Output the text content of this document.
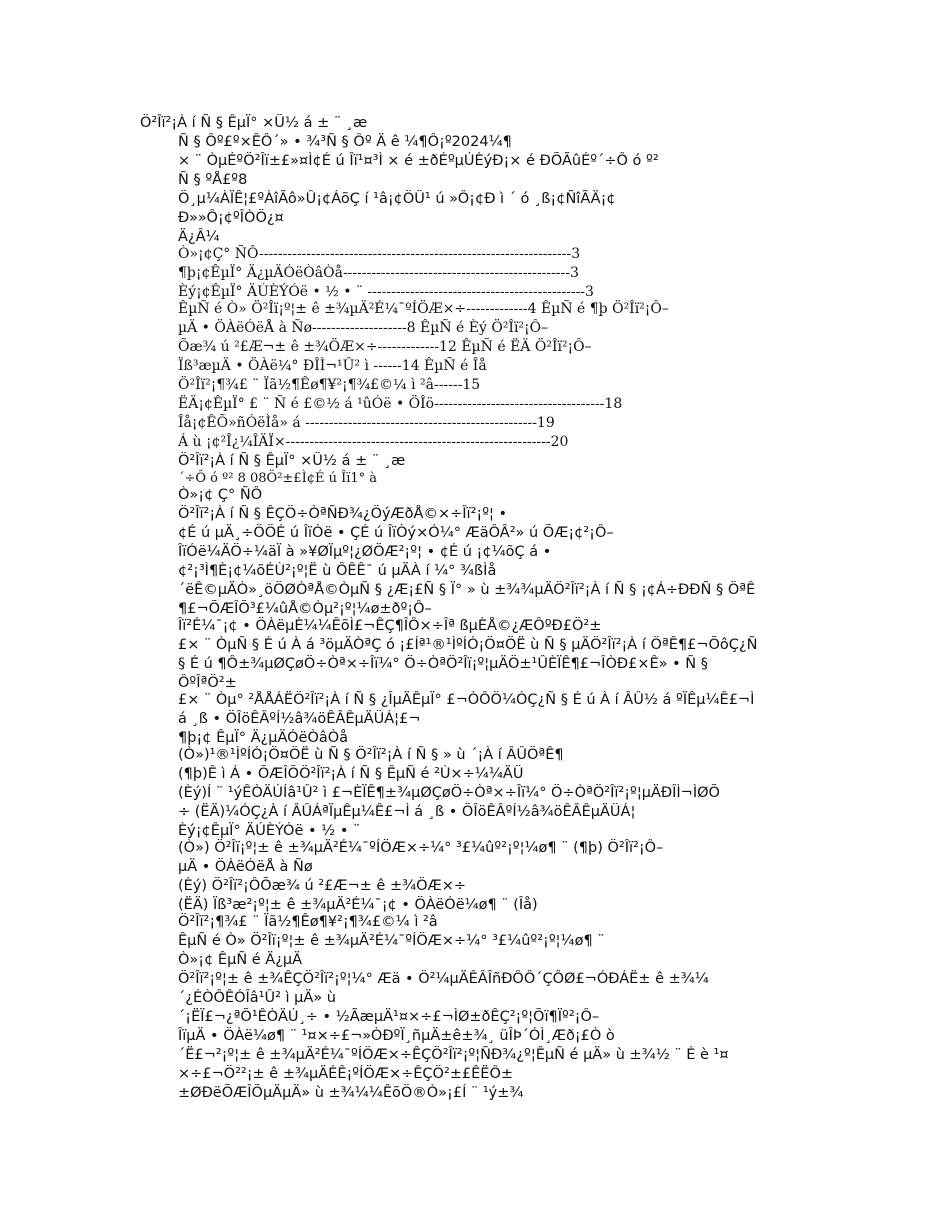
Ö²Îï²¡À í Ñ § ÊµÏ° ×Ü½ á ± ¨ ¸æ
Ñ § Ôº£º×ÊÔ´» • ¾³Ñ § Ôº Ä ê ¼¶Ô¡º2024¼¶
× ¨ ÒµÉºÖ²Îï±£»¤Ì¢É ú Îï¹¤³Ì × é ±ðÉºµÚÈýÐ¡× é ÐÕÃûÉº´÷Ô ó º²
Ñ § ºÅ£º8
Ö¸µ¼ÀÏÊ¦£ºÀîÃô»Û¡¢ÁõÇ í ¹â¡¢ÖÜ¹ ú »Ô¡¢Ð ì ´ ó ¸ß¡¢ÑîÃÄ¡¢
Ð»»Ô¡¢ºÎÒÖ¿¤
Ä¿Â¼
Ò»¡¢Ç° ÑÔ------------------------------------------------------------------3
¶þ¡¢ÊµÏ° Ä¿µÄÓëÒâÒå------------------------------------------------3
Èý¡¢ÊµÏ° ÄÚÈÝÓë • ½ • ¨ ----------------------------------------------3
ÊµÑ é Ò» Ö²Îï¡º¦± ê ±¾µÄ²É¼¯ºÍÖÆ×÷-------------4 ÊµÑ é ¶þ Ö²Îï²¡Ô–
µÄ • ÖÀëÓëÅ à Ñø--------------------8 ÊµÑ é Èý Ö²Îï²¡Ô–
Õæ¾ ú ²£Æ¬± ê ±¾ÖÆ×÷-------------12 ÊµÑ é ËÄ Ö²Îï²¡Ô–
Ïß³æµÄ • ÖÀë¼° ÐÎÌ¬¹Û² ì ------14 ÊµÑ é Îå
Ö²Îï²¡¶¾£ ¨ Ïã½¶Êø¶¥²¡¶¾£©¼ ì ²â------15
ËÄ¡¢ÊµÏ° £ ¨ Ñ é £©½ á ¹ûÓë • ÖÎö------------------------------------18
Îå¡¢ÊÕ»ñÓëÌå» á -------------------------------------------------19
Á ù ¡¢²Î¿¼ÎÄÏ×--------------------------------------------------------20
Ö²Îï²¡À í Ñ § ÊµÏ° ×Ü½ á ± ¨ ¸æ
´÷Ô ó º² 8 08Ö²±£Ì¢É ú Îï1° à
Ò»¡¢ Ç° ÑÔ
Ö²Îï²¡À í Ñ § ÊÇÖ÷ÒªÑÐ¾¿ÖýÆðÅ©×÷Îï²¡º¦ •
¢É ú µÄ¸÷ÖÖÉ ú ÎïÓë • ÇÉ ú ÎïÒý×Ó¼° ÆäÔÂ²» ú ÕÆ¡¢²¡Ô–
ÎïÓë¼ÄÖ÷¼äÏ à »¥ØÏµº¦¿ØÖÆ²¡º¦ • ¢É ú ¡¢¼õÇ á •
¢²¡³Ì¶È¡¢¼õÉÙ²¡º¦Ë ù ÔÊÊ¯ ú µÄÀ í ¼° ¾ßÌå
´ëÊ©µÄÒ»¸öÖØÒªÅ©ÒµÑ § ¿Æ¡£Ñ § Ï° » ù ±¾¾µÄÖ²Îï²¡À í Ñ § ¡¢Á÷ÐÐÑ § ÖªÊ
¶£¬ÕÆÎÕ³£¼ûÅ©Òµ²¡º¦¼ø±ðº¡Ô–
Îï²É¼¯¡¢ • ÖÀëµÈ¼¼ÊõÌ£¬ÊÇ¶ÎÔ×÷Îª ßµÈÅ©¿ÆÔºÐ£Ö²±
£× ¨ ÒµÑ § É ú À á ³öµÄÒªÇ ó ¡£Íª¹®¹ÌºÍÓ¡Ö¤ÖË ù Ñ § µÄÖ²Îï²¡À í ÖªÊ¶£¬ÕôÇ¿Ñ
§ É ú ¶Ô±¾µØÇøÖ÷Òª×÷Îï¼° Ö÷ÒªÖ²Îï¡º¦µÄÖ±¹ÛÈÏÊ¶£¬ÎÒÐ£×Ê» • Ñ §
ÔºÎªÖ²±
£× ¨ Òµ° ²ÅÅÁËÖ²Îï²¡À í Ñ § ¿ÎµÄÊµÏ° £¬ÒÔÖ¼ÓÇ¿Ñ § É ú À í ÂÛ½ á ºÏÊµ¼Ê£¬Ì
á ¸ß • ÖÎöÊÂºÍ½â¾öÊÂÊµÄÜÁ¦£¬
¶þ¡¢ ÊµÏ° Ä¿µÄÓëÒâÒå
(Ò»)¹®¹ÌºÍÓ¡Ö¤ÖË ù Ñ § Ö²Îï²¡À í Ñ § » ù ´¡À í ÂÛÖªÊ¶
(¶þ)Ê ì Á • ÕÆÎÕÖ²Îï²¡À í Ñ § ÊµÑ é ²Ù×÷¼¼ÄÜ
(Èý)Í ¨ ¹ýÊÒÄÚÍâ¹Û² ì £¬ÈÏÊ¶±¾µØÇøÖ÷Òª×÷Îï¼° Ö÷ÒªÖ²Îï²¡º¦µÄÐÎÌ¬ÌØÕ
÷ (ËÄ)¼ÓÇ¿À í ÂÛÁªÏµÊµ¼Ê£¬Ì á ¸ß • ÖÎöÊÂºÍ½â¾öÊÂÊµÄÜÁ¦
Èý¡¢ÊµÏ° ÄÚÈÝÓë • ½ • ¨
(Ò») Ö²Îï¡º¦± ê ±¾µÄ²É¼¯ºÍÖÆ×÷¼° ³£¼ûº²¡º¦¼ø¶ ¨ (¶þ) Ö²Îï²¡Ô–
µÄ • ÖÀëÓëÅ à Ñø
(Èý) Ö²Îï²¡ÔÕæ¾ ú ²£Æ¬± ê ±¾ÖÆ×÷
(ËÄ) Ïß³æ²¡º¦± ê ±¾µÄ²É¼¯¡¢ • ÖÀëÓë¼ø¶ ¨ (Îå)
Ö²Îï²¡¶¾£ ¨ Ïã½¶Êø¶¥²¡¶¾£©¼ ì ²â
ÊµÑ é Ò» Ö²Îï¡º¦± ê ±¾µÄ²É¼¯ºÍÖÆ×÷¼° ³£¼ûº²¡º¦¼ø¶ ¨
Ò»¡¢ ÊµÑ é Ä¿µÄ
Ö²Îï²¡º¦± ê ±¾ÊÇÖ²Îï²¡º¦¼° Æä • Ö²¼µÄÊÂÎñÐÔÔ´ÇÔØ£¬ÓÐÁË± ê ±¾¼
´¿ÉÒÔÊÓÎâ¹Û² ì µÄ» ù
´¡ËÏ£¬¿ªÕ¹ÊÒÄÚ¸÷ • ½ÃæµÄ¹¤×÷£¬ÌØ±ðÊÇ²¡º¦Õï¶Ïº²¡Ô–
ÎïµÄ • ÖÀë¼ø¶ ¨ ¹¤×÷£¬»ÒÐºÏ¸ñµÄ±ê±¾¸ üÎÞ´ÓÌ¸Æð¡£Ò ò
´Ë£¬²¡º¦± ê ±¾µÄ²É¼¯ºÍÖÆ×÷ÊÇÖ²Îï²¡º¦ÑÐ¾¿º¦ÊµÑ é µÄ» ù ±¾½ ¨ É è ¹¤
×÷£¬Ö²²¡± ê ±¾µÄÉÊ¡ºÍÖÆ×÷ÊÇÖ²±£ÊËÔ±
±ØÐëÕÆÎÕµÄµÄ» ù ±¾¼¼ÊõÖ®Ò»¡£Í ¨ ¹ý±¾
